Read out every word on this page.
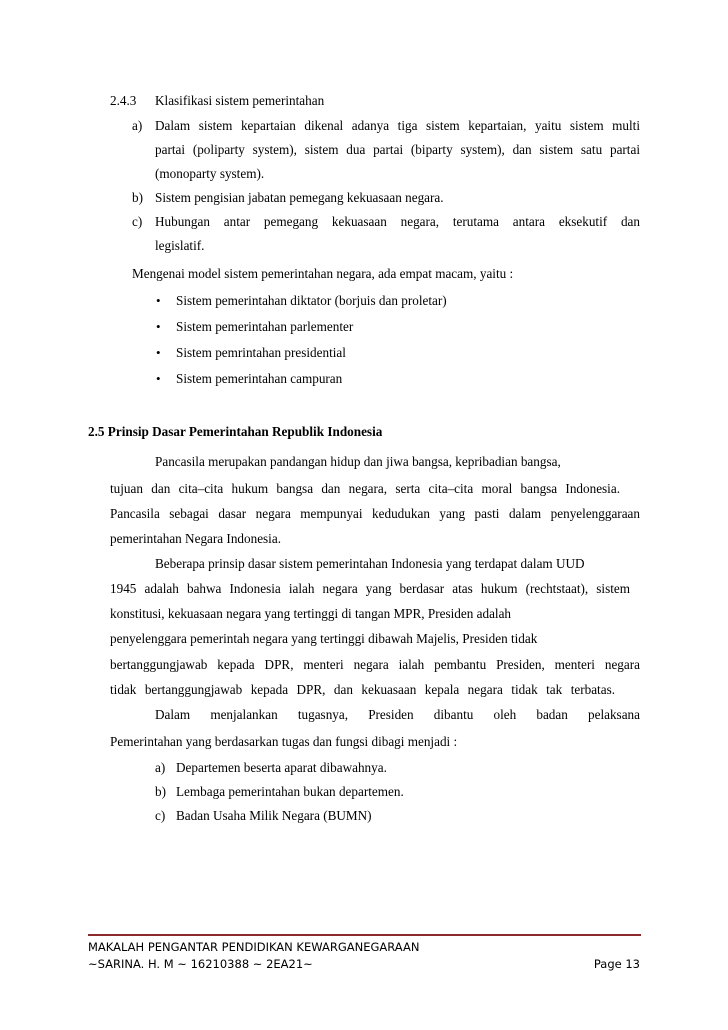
2.4.3 Klasifikasi sistem pemerintahan
a) Dalam sistem kepartaian dikenal adanya tiga sistem kepartaian, yaitu sistem multi
partai (poliparty system), sistem dua partai (biparty system), dan sistem satu partai
(monoparty system).
b) Sistem pengisian jabatan pemegang kekuasaan negara.
c) Hubungan antar pemegang kekuasaan negara, terutama antara eksekutif dan
legislatif.
Mengenai model sistem pemerintahan negara, ada empat macam, yaitu :
• Sistem pemerintahan diktator (borjuis dan proletar)
• Sistem pemerintahan parlementer
• Sistem pemrintahan presidential
• Sistem pemerintahan campuran
2.5 Prinsip Dasar Pemerintahan Republik Indonesia
Pancasila merupakan pandangan hidup dan jiwa bangsa, kepribadian bangsa,
tujuan dan cita–cita hukum bangsa dan negara, serta cita–cita moral bangsa Indonesia.
Pancasila sebagai dasar negara mempunyai kedudukan yang pasti dalam penyelenggaraan
pemerintahan Negara Indonesia.
Beberapa prinsip dasar sistem pemerintahan Indonesia yang terdapat dalam UUD
1945 adalah bahwa Indonesia ialah negara yang berdasar atas hukum (rechtstaat), sistem
konstitusi, kekuasaan negara yang tertinggi di tangan MPR, Presiden adalah
penyelenggara pemerintah negara yang tertinggi dibawah Majelis, Presiden tidak
bertanggungjawab kepada DPR, menteri negara ialah pembantu Presiden, menteri negara
tidak bertanggungjawab kepada DPR, dan kekuasaan kepala negara tidak tak terbatas.
Dalam menjalankan tugasnya, Presiden dibantu oleh badan pelaksana
Pemerintahan yang berdasarkan tugas dan fungsi dibagi menjadi :
a) Departemen beserta aparat dibawahnya.
b) Lembaga pemerintahan bukan departemen.
c) Badan Usaha Milik Negara (BUMN)
MAKALAH PENGANTAR PENDIDIKAN KEWARGANEGARAAN
~SARINA. H. M ~ 16210388 ~ 2EA21~	Page 13
